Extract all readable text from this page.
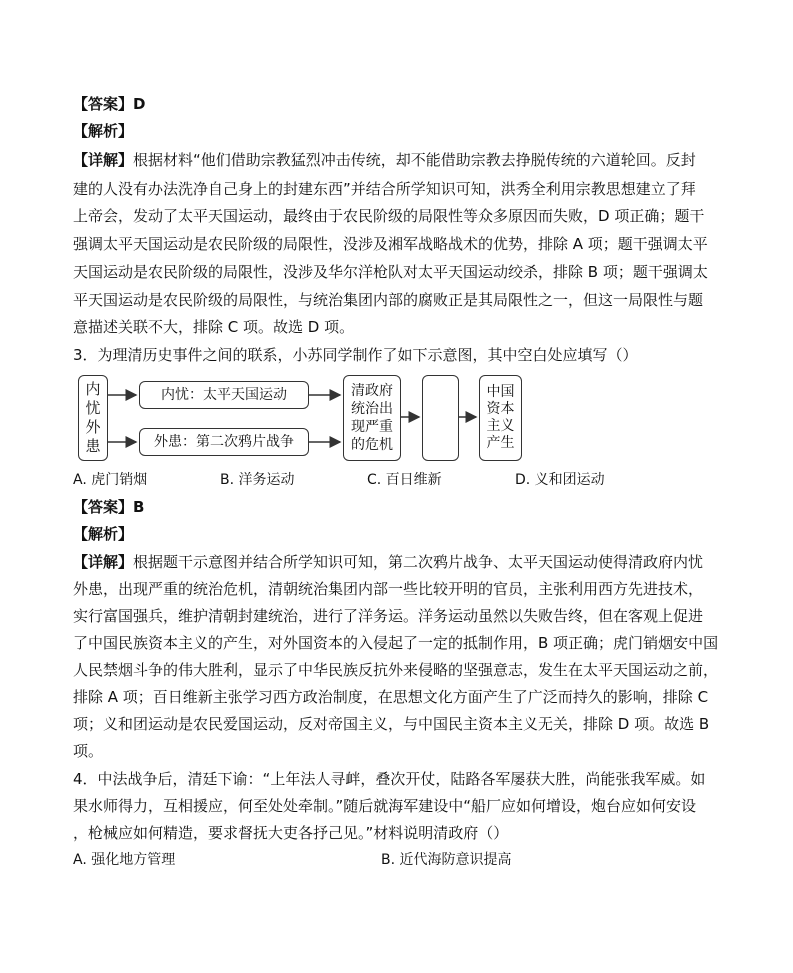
【答案】D
【解析】
【详解】根据材料“他们借助宗教猛烈冲击传统，却不能借助宗教去挣脱传统的六道轮回。反封
建的人没有办法洗净自己身上的封建东西”并结合所学知识可知，洪秀全利用宗教思想建立了拜
上帝会，发动了太平天国运动，最终由于农民阶级的局限性等众多原因而失败，D 项正确；题干
强调太平天国运动是农民阶级的局限性，没涉及湘军战略战术的优势，排除 A 项；题干强调太平
天国运动是农民阶级的局限性，没涉及华尔洋枪队对太平天国运动绞杀，排除 B 项；题干强调太
平天国运动是农民阶级的局限性，与统治集团内部的腐败正是其局限性之一，但这一局限性与题
意描述关联不大，排除 C 项。故选 D 项。
3．为理清历史事件之间的联系，小苏同学制作了如下示意图，其中空白处应填写（）
内忧外患
内忧：太平天国运动
外患：第二次鸦片战争
清政府
统治出
现严重
的危机
中国资本主义产生
A. 虎门销烟	B. 洋务运动	C. 百日维新	D. 义和团运动
【答案】B
【解析】
【详解】根据题干示意图并结合所学知识可知，第二次鸦片战争、太平天国运动使得清政府内忧
外患，出现严重的统治危机，清朝统治集团内部一些比较开明的官员，主张利用西方先进技术，
实行富国强兵，维护清朝封建统治，进行了洋务运。洋务运动虽然以失败告终，但在客观上促进
了中国民族资本主义的产生，对外国资本的入侵起了一定的抵制作用，B 项正确；虎门销烟安中国
人民禁烟斗争的伟大胜利，显示了中华民族反抗外来侵略的坚强意志，发生在太平天国运动之前，
排除 A 项；百日维新主张学习西方政治制度，在思想文化方面产生了广泛而持久的影响，排除 C
项；义和团运动是农民爱国运动，反对帝国主义，与中国民主资本主义无关，排除 D 项。故选 B
项。
4．中法战争后，清廷下谕：“上年法人寻衅，叠次开仗，陆路各军屡获大胜，尚能张我军威。如
果水师得力，互相援应，何至处处牵制。”随后就海军建设中“船厂应如何增设，炮台应如何安设
，枪械应如何精造，要求督抚大吏各抒己见。”材料说明清政府（）
A. 强化地方管理	B. 近代海防意识提高
